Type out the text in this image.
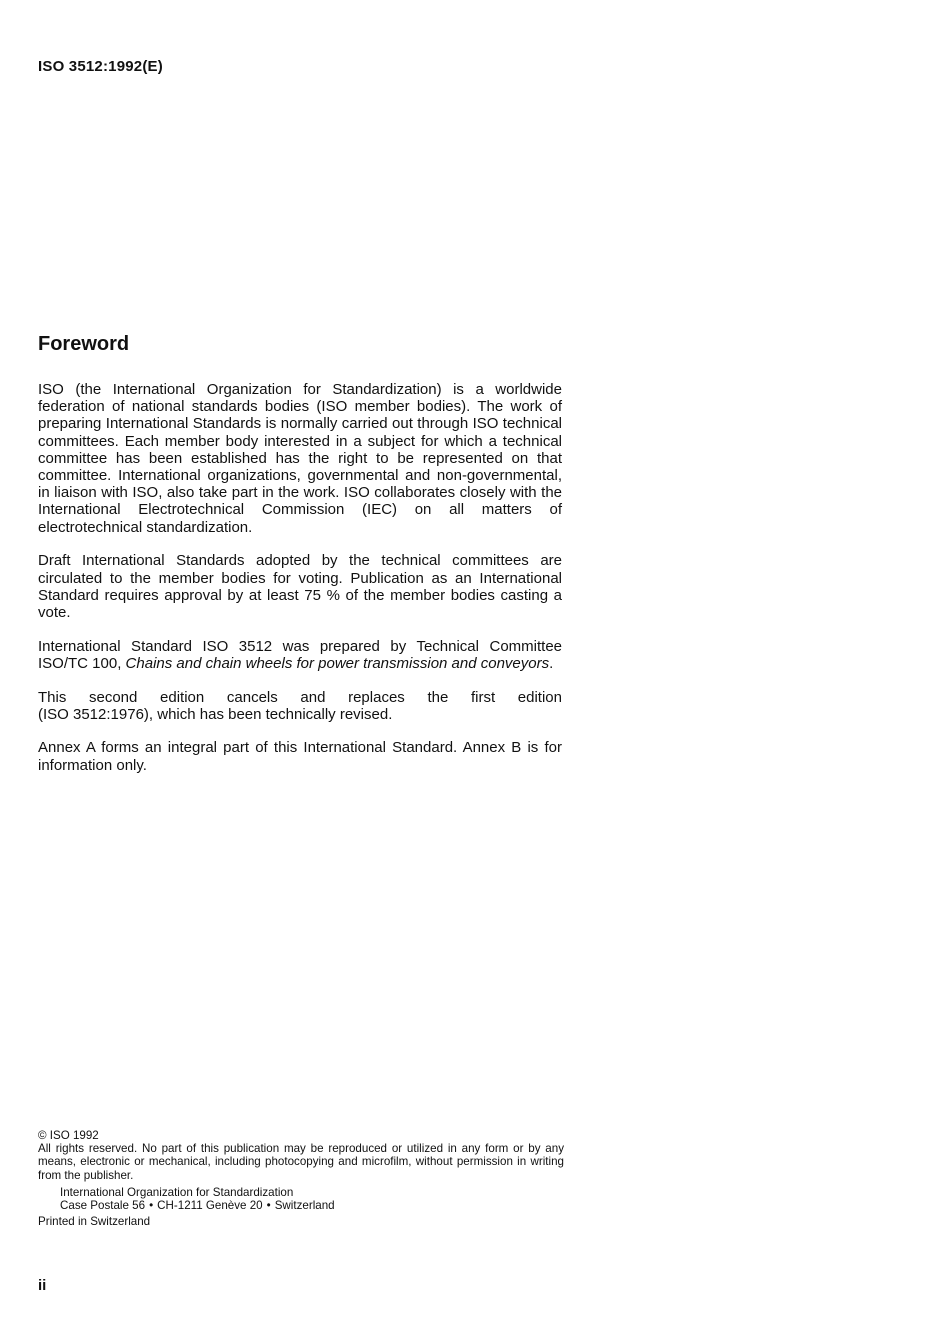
ISO 3512:1992(E)
Foreword

ISO (the International Organization for Standardization) is a worldwide federation of national standards bodies (ISO member bodies). The work of preparing International Standards is normally carried out through ISO technical committees. Each member body interested in a subject for which a technical committee has been established has the right to be represented on that committee. International organizations, governmental and non-governmental, in liaison with ISO, also take part in the work. ISO collaborates closely with the International Electrotechnical Commission (IEC) on all matters of electrotechnical standardization.

Draft International Standards adopted by the technical committees are circulated to the member bodies for voting. Publication as an International Standard requires approval by at least 75 % of the member bodies casting a vote.

International Standard ISO 3512 was prepared by Technical Committee ISO/TC 100, Chains and chain wheels for power transmission and conveyors.

This second edition cancels and replaces the first edition
(ISO 3512:1976), which has been technically revised.

Annex A forms an integral part of this International Standard. Annex B is for information only.

© ISO 1992
All rights reserved. No part of this publication may be reproduced or utilized in any form or by any means, electronic or mechanical, including photocopying and microfilm, without permission in writing from the publisher.
International Organization for Standardization
Case Postale 56 • CH-1211 Genève 20 • Switzerland
Printed in Switzerland
ii
